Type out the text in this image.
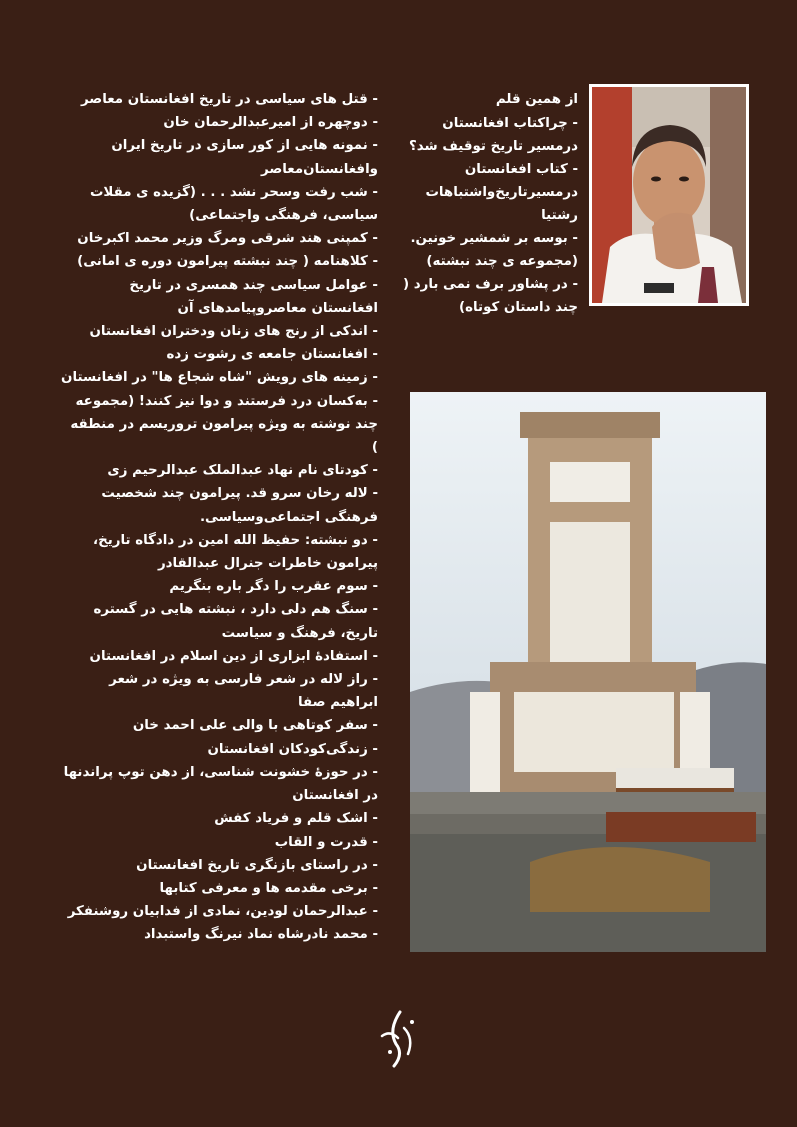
- قتل های سیاسی در تاریخ افغانستان معاصر
- دوچهره از امیرعبدالرحمان خان
- نمونه هایی از کور سازی در تاریخ ایران وافغانستان‌معاصر
- شب رفت وسحر نشد . . . (گزیده ی مقلات سیاسی، فرهنگی واجتماعی)
- کمپنی هند شرقی ومرگ وزیر محمد اکبرخان
- کلاهنامه ( چند نبشته پیرامون دوره ی امانی)
- عوامل سیاسی چند همسری در تاریخ افغانستان معاصروپیامدهای آن
- اندکی از رنج های زنان ودختران افغانستان
- افغانستان جامعه ی رشوت زده
- زمینه های رویش "شاه شجاع ها" در افغانستان
- به‌کسان درد فرستند و دوا نیز کنند! (مجموعه چند نوشته به ویژه پیرامون تروریسم در منطقه )
- کودتای نام نهاد عبدالملک عبدالرحیم زی
- لاله رخان سرو قد. پیرامون چند شخصیت فرهنگی اجتماعی‌وسیاسی.
- دو نبشته: حفیظ الله امین در دادگاه تاریخ، پیرامون خاطرات جنرال عبدالقادر
- سوم عقرب را دگر باره بنگریم
- سنگ هم دلی دارد ، نبشته هایی در گستره تاریخ، فرهنگ و سیاست
- استفادهٔ ابزاری از دین اسلام در افغانستان
- راز لاله در شعر فارسی به ویژه در شعر ابراهیم صفا
- سفر کوتاهی با والی علی احمد خان
- زندگی‌کودکان افغانستان
- در حوزهٔ خشونت شناسی، از دهن توپ پراندنها در افغانستان
- اشک قلم و فریاد کفش
- قدرت و القاب
- در راستای بازنگری تاریخ افغانستان
- برخی مقدمه ها و معرفی کتابها
- عبدالرحمان لودین، نمادی از فدابیان روشنفکر
- محمد نادرشاه نماد نیرنگ واستبداد
از همین قلم
- چراکتاب افغانستان درمسیر تاریخ توقیف شد؟
- کتاب افغانستان درمسیرتاریخ‌واشتباهات رشتیا
- بوسه بر شمشیر خونین. (مجموعه ی چند نبشته)
- در پشاور برف نمی بارد ( چند داستان کوتاه)
